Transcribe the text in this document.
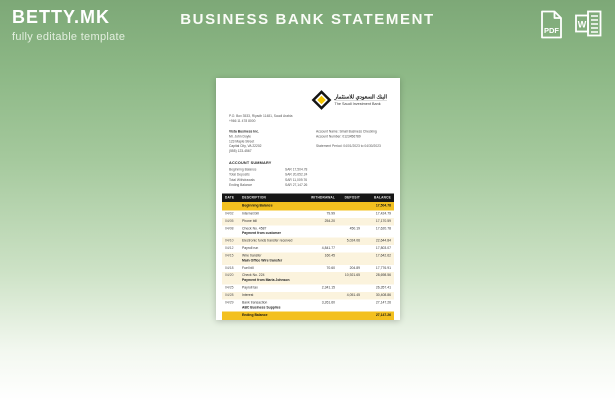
BETTY.MK
fully editable template
BUSINESS BANK STATEMENT
PDF
W
البنك السعودي للاستثمار
The Saudi Investment Bank
P.O. Box 3533, Riyadh 11481, Saudi Arabia
+966 11 478 8000
Vista Business Inc.
Mr. John Doyle
123 Maple Street
Capital City, VA 22202
(555) 123-4567
Account Name: Small Business Checking
Account Number: 0123456789
Statement Period: 04/01/2023 to 04/30/2023
ACCOUNT SUMMARY
Beginning Balance	SAR 17,504.78
Total Deposits	SAR 20,652.24
Total Withdrawals	SAR 11,009.76
Ending Balance	SAR 27,147.26
DATE	DESCRIPTION	WITHDRAWAL	DEPOSIT	BALANCE
	Beginning Balance			17,504.78
04/02	Internet bill	79.99		17,424.79
04/05	Phone bill	254.20		17,170.59
04/08	Check No. 4587
Payment from customer		450.19	17,620.78
04/10	Electronic funds transfer received		5,024.06	22,644.84
04/12	Payroll run	4,841.77		17,803.07
04/15	Wire transfer
Main Office Wire transfer	160.45		17,642.62
04/18	Fuel bill	70.60	204.89	17,776.91
04/20	Check No. 224
Payment from Maria Johnson		10,921.65	28,698.56
04/25	Payroll tax	2,341.15		26,357.41
04/28	Interest		4,051.45	30,408.86
04/29	Bank transaction
ABC Business Supplies	3,261.60		27,147.26
	Ending Balance			27,147.26
